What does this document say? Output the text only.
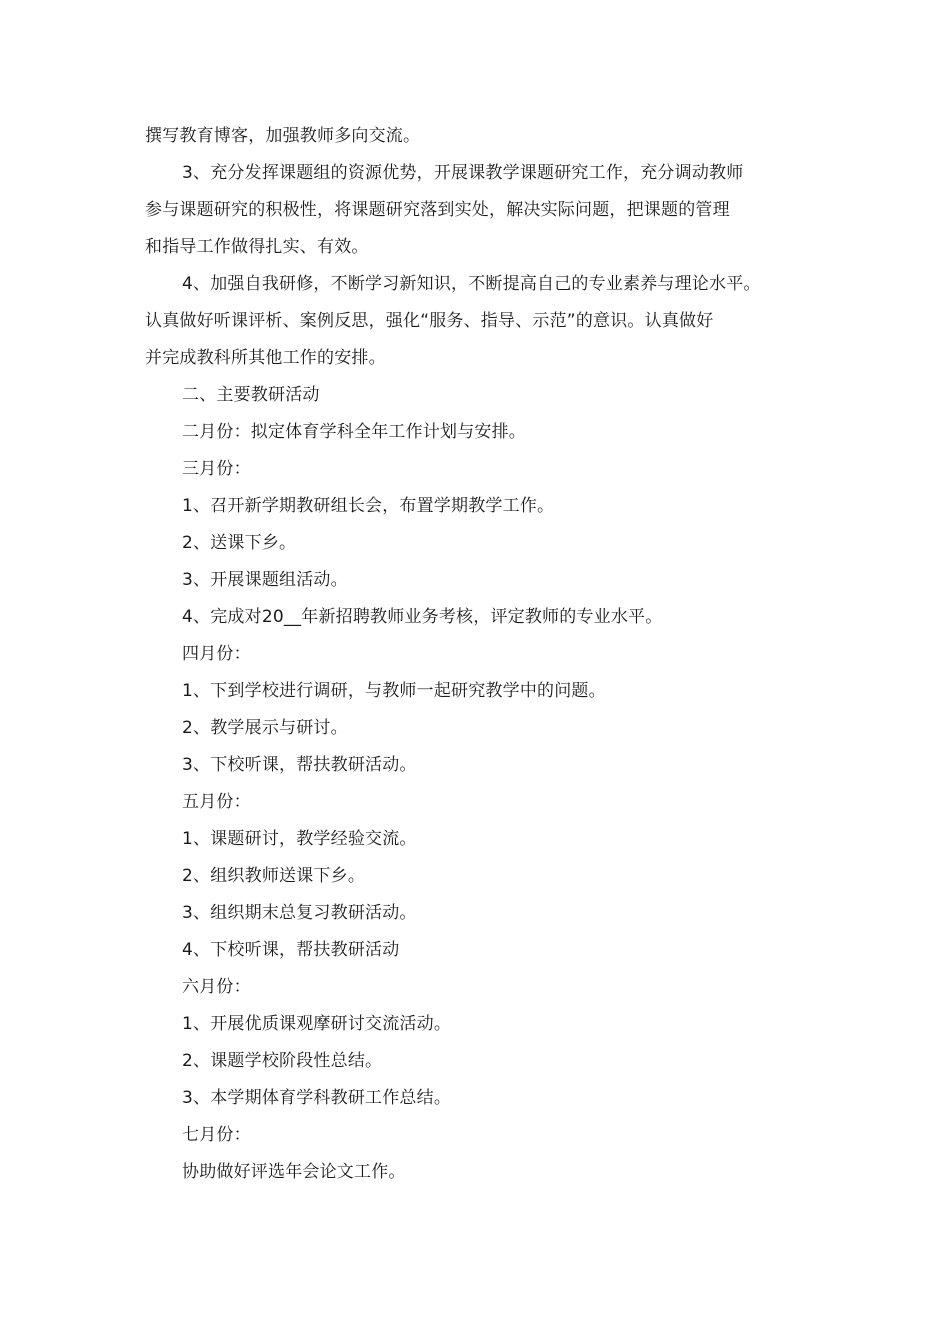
撰写教育博客，加强教师多向交流。
3、充分发挥课题组的资源优势，开展课教学课题研究工作，充分调动教师
参与课题研究的积极性，将课题研究落到实处，解决实际问题，把课题的管理
和指导工作做得扎实、有效。
4、加强自我研修，不断学习新知识，不断提高自己的专业素养与理论水平。
认真做好听课评析、案例反思，强化“服务、指导、示范”的意识。认真做好
并完成教科所其他工作的安排。
二、主要教研活动
二月份：拟定体育学科全年工作计划与安排。
三月份：
1、召开新学期教研组长会，布置学期教学工作。
2、送课下乡。
3、开展课题组活动。
4、完成对20__年新招聘教师业务考核，评定教师的专业水平。
四月份：
1、下到学校进行调研，与教师一起研究教学中的问题。
2、教学展示与研讨。
3、下校听课，帮扶教研活动。
五月份：
1、课题研讨，教学经验交流。
2、组织教师送课下乡。
3、组织期末总复习教研活动。
4、下校听课，帮扶教研活动
六月份：
1、开展优质课观摩研讨交流活动。
2、课题学校阶段性总结。
3、本学期体育学科教研工作总结。
七月份：
协助做好评选年会论文工作。
